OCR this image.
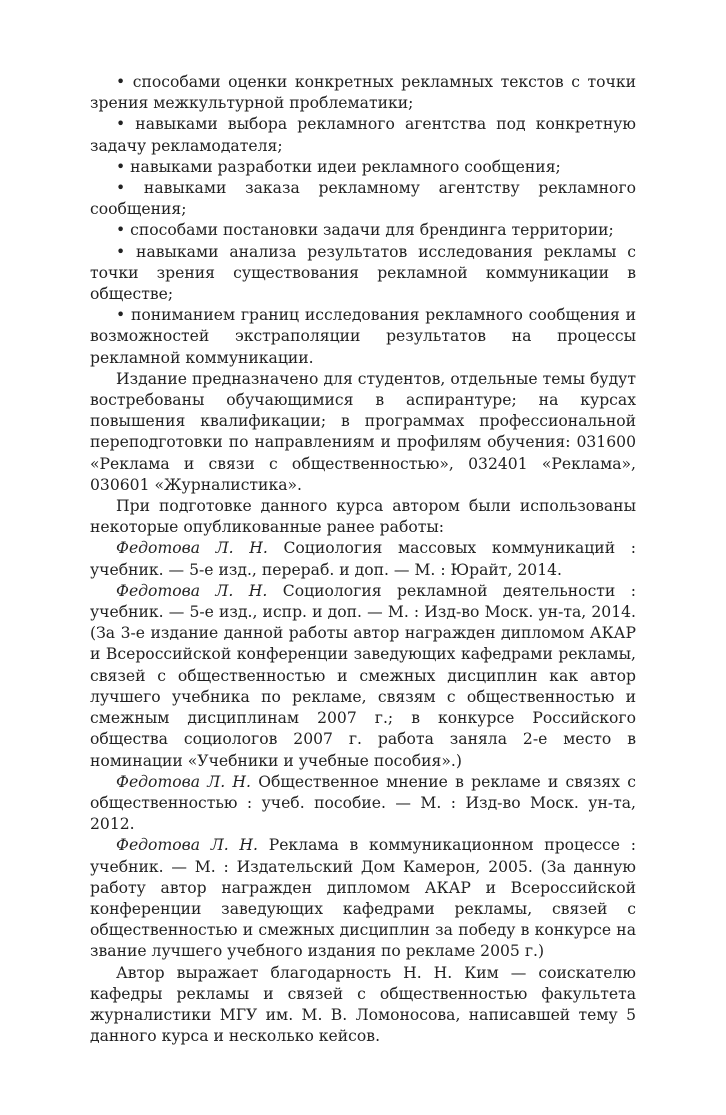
• способами оценки конкретных рекламных текстов с точки зрения межкультурной проблематики;

• навыками выбора рекламного агентства под конкретную задачу рекламодателя;

• навыками разработки идеи рекламного сообщения;

• навыками заказа рекламному агентству рекламного сообщения;

• способами постановки задачи для брендинга территории;

• навыками анализа результатов исследования рекламы с точки зрения существования рекламной коммуникации в обществе;

• пониманием границ исследования рекламного сообщения и возможностей экстраполяции результатов на процессы рекламной коммуникации.

Издание предназначено для студентов, отдельные темы будут востребованы обучающимися в аспирантуре; на курсах повышения квалификации; в программах профессиональной переподготовки по направлениям и профилям обучения: 031600 «Реклама и связи с общественностью», 032401 «Реклама», 030601 «Журналистика».

При подготовке данного курса автором были использованы некоторые опубликованные ранее работы:

Федотова Л. Н. Социология массовых коммуникаций : учебник. — 5-е изд., перераб. и доп. — М. : Юрайт, 2014.

Федотова Л. Н. Социология рекламной деятельности : учебник. — 5-е изд., испр. и доп. — М. : Изд-во Моск. ун-та, 2014. (За 3-е издание данной работы автор награжден дипломом АКАР и Всероссийской конференции заведующих кафедрами рекламы, связей с общественностью и смежных дисциплин как автор лучшего учебника по рекламе, связям с общественностью и смежным дисциплинам 2007 г.; в конкурсе Российского общества социологов 2007 г. работа заняла 2-е место в номинации «Учебники и учебные пособия».)

Федотова Л. Н. Общественное мнение в рекламе и связях с общественностью : учеб. пособие. — М. : Изд-во Моск. ун-та, 2012.

Федотова Л. Н. Реклама в коммуникационном процессе : учебник. — М. : Издательский Дом Камерон, 2005. (За данную работу автор награжден дипломом АКАР и Всероссийской конференции заведующих кафедрами рекламы, связей с общественностью и смежных дисциплин за победу в конкурсе на звание лучшего учебного издания по рекламе 2005 г.)

Автор выражает благодарность Н. Н. Ким — соискателю кафедры рекламы и связей с общественностью факультета журналистики МГУ им. М. В. Ломоносова, написавшей тему 5 данного курса и несколько кейсов.
